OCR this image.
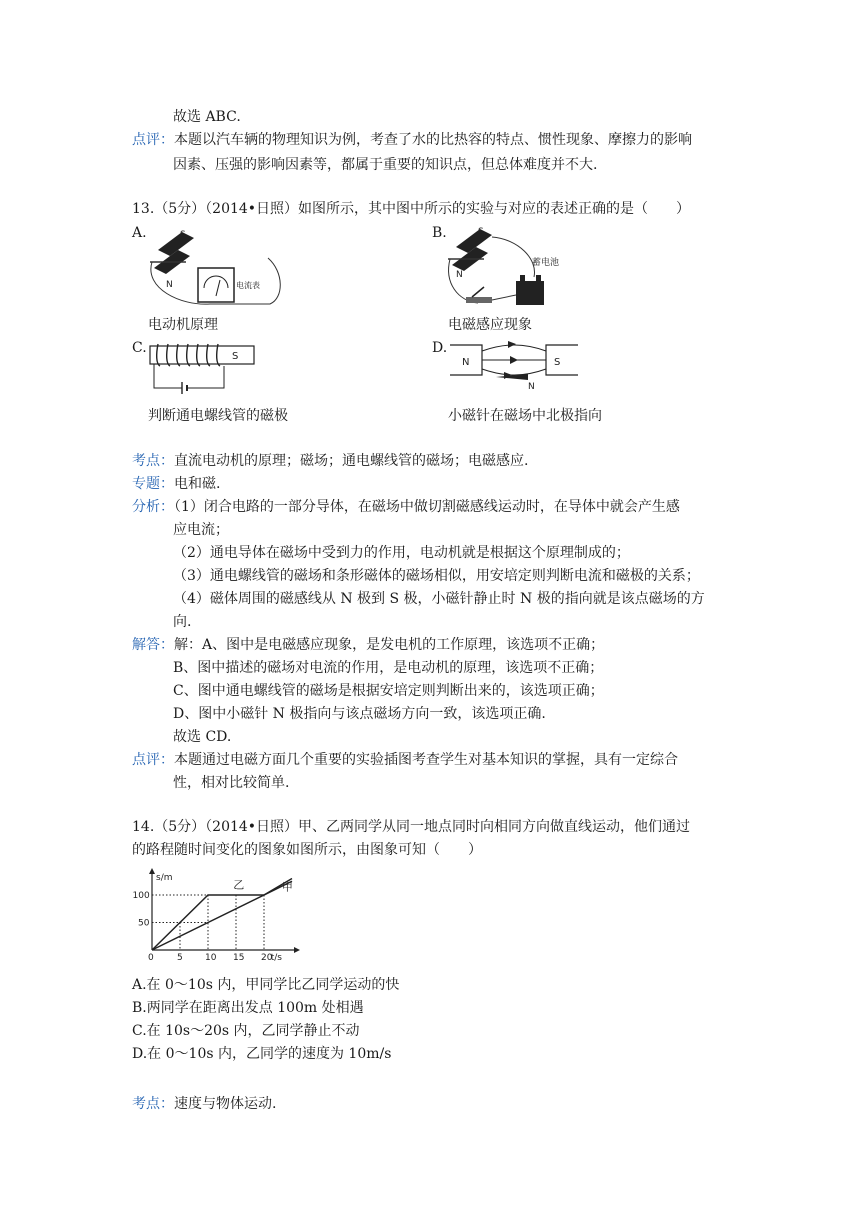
故选 ABC.
点评：本题以汽车辆的物理知识为例，考查了水的比热容的特点、惯性现象、摩擦力的影响
因素、压强的影响因素等，都属于重要的知识点，但总体难度并不大.
13.（5分）（2014•日照）如图所示，其中图中所示的实验与对应的表述正确的是（　　）
A.	S
N	电流表
电动机原理
B.	S
N
蓄电池
电磁感应现象
C.
S
判断通电螺线管的磁极
D.
N	S
N
小磁针在磁场中北极指向
考点：直流电动机的原理；磁场；通电螺线管的磁场；电磁感应.
专题：电和磁.
分析：（1）闭合电路的一部分导体，在磁场中做切割磁感线运动时，在导体中就会产生感
应电流；
（2）通电导体在磁场中受到力的作用，电动机就是根据这个原理制成的；
（3）通电螺线管的磁场和条形磁体的磁场相似，用安培定则判断电流和磁极的关系；
（4）磁体周围的磁感线从 N 极到 S 极，小磁针静止时 N 极的指向就是该点磁场的方
向.
解答：解：A、图中是电磁感应现象，是发电机的工作原理，该选项不正确；
B、图中描述的磁场对电流的作用，是电动机的原理，该选项不正确；
C、图中通电螺线管的磁场是根据安培定则判断出来的，该选项正确；
D、图中小磁针 N 极指向与该点磁场方向一致，该选项正确.
故选 CD.
点评：本题通过电磁方面几个重要的实验插图考查学生对基本知识的掌握，具有一定综合
性，相对比较简单.
14.（5分）（2014•日照）甲、乙两同学从同一地点同时向相同方向做直线运动，他们通过
的路程随时间变化的图象如图所示，由图象可知（　　）
s/m
t/s
0	5 10 15 20
50
100
甲
乙
A.在 0～10s 内，甲同学比乙同学运动的快
B.两同学在距离出发点 100m 处相遇
C.在 10s～20s 内，乙同学静止不动
D.在 0～10s 内，乙同学的速度为 10m/s
考点：速度与物体运动.
